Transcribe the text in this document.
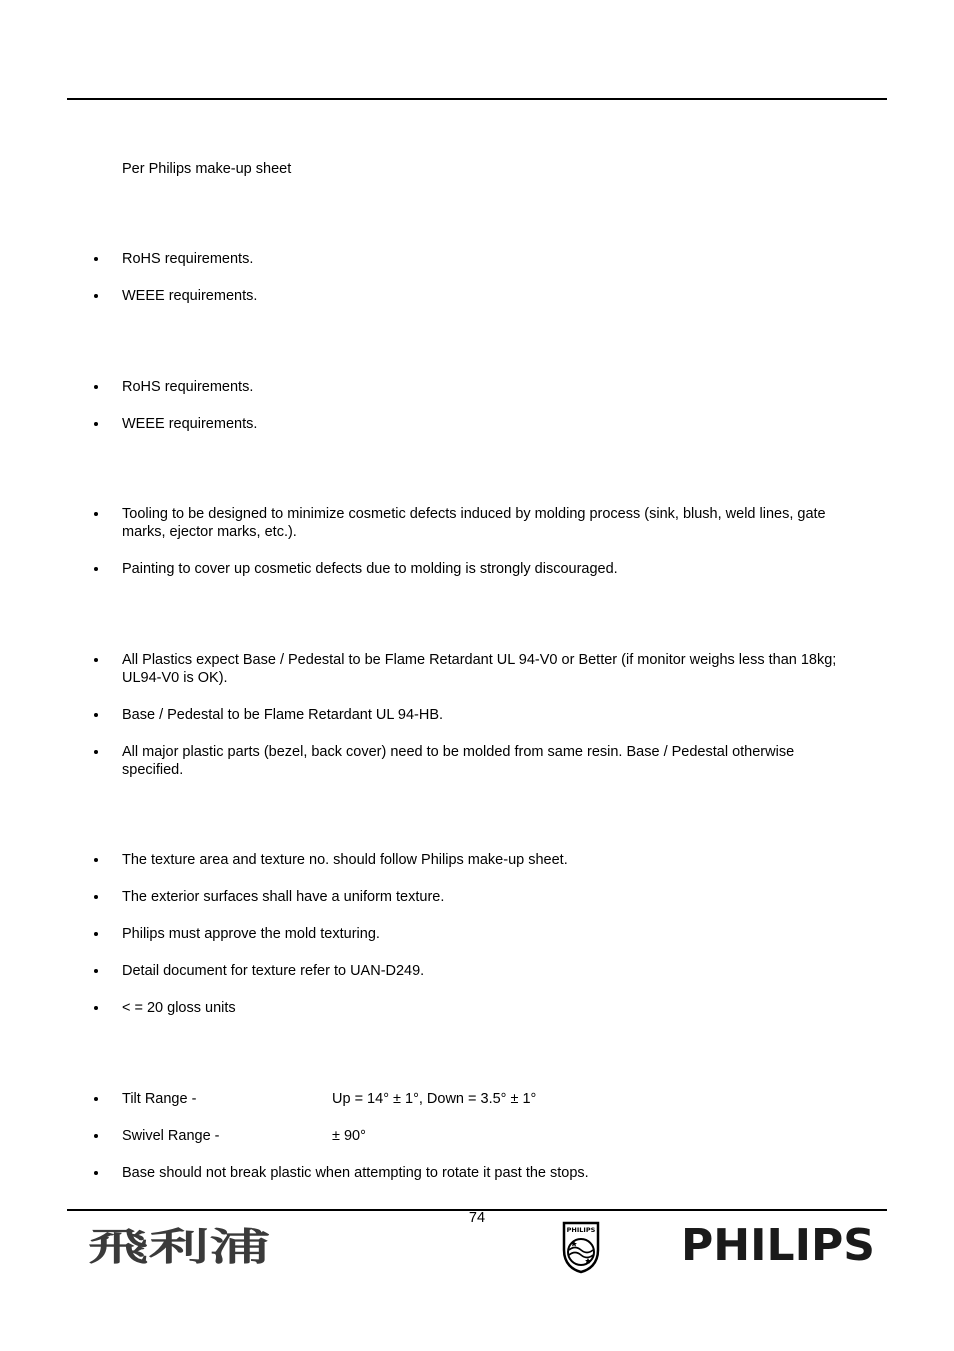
Per Philips make-up sheet
RoHS requirements.
WEEE requirements.
RoHS requirements.
WEEE requirements.
Tooling to be designed to minimize cosmetic defects induced by molding process (sink, blush, weld lines, gate
marks, ejector marks, etc.).
Painting to cover up cosmetic defects due to molding is strongly discouraged.
All Plastics expect Base / Pedestal to be Flame Retardant UL 94-V0 or Better (if monitor weighs less than 18kg;
UL94-V0 is OK).
Base / Pedestal to be Flame Retardant UL 94-HB.
All major plastic parts (bezel, back cover) need to be molded from same resin. Base / Pedestal otherwise
specified.
The texture area and texture no. should follow Philips make-up sheet.
The exterior surfaces shall have a uniform texture.
Philips must approve the mold texturing.
Detail document for texture refer to UAN-D249.
< = 20 gloss units
Tilt Range -	Up = 14° ± 1°, Down = 3.5° ± 1°
Swivel Range -	± 90°
Base should not break plastic when attempting to rotate it past the stops.
74
飛利浦	PHILIPS PHILIPS
